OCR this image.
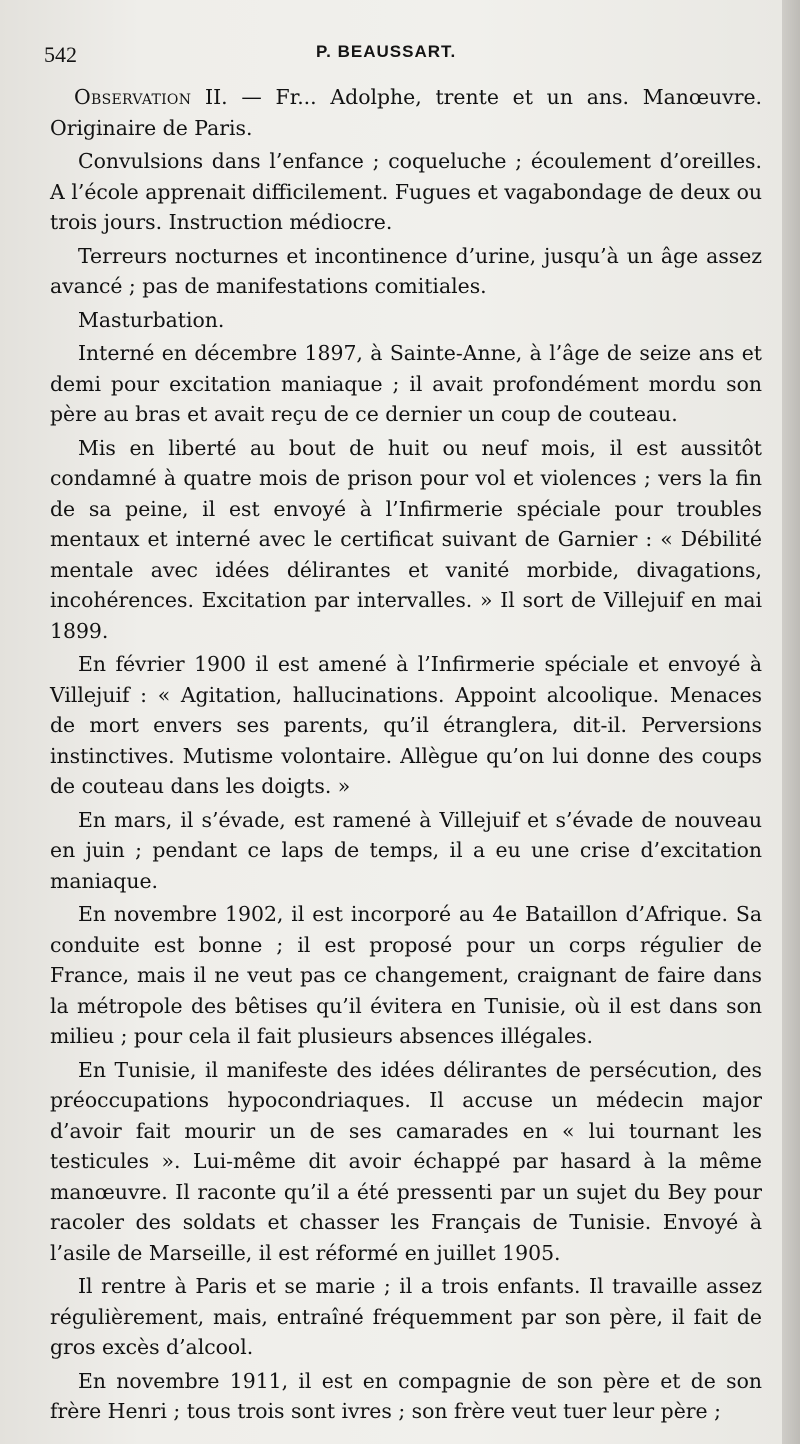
542	P. BEAUSSART.

Observation II. — Fr... Adolphe, trente et un ans. Manœuvre. Originaire de Paris.

Convulsions dans l’enfance ; coqueluche ; écoulement d’oreilles. A l’école apprenait difficilement. Fugues et vagabondage de deux ou trois jours. Instruction médiocre.

Terreurs nocturnes et incontinence d’urine, jusqu’à un âge assez avancé ; pas de manifestations comitiales.

Masturbation.

Interné en décembre 1897, à Sainte-Anne, à l’âge de seize ans et demi pour excitation maniaque ; il avait profondément mordu son père au bras et avait reçu de ce dernier un coup de couteau.

Mis en liberté au bout de huit ou neuf mois, il est aussitôt condamné à quatre mois de prison pour vol et violences ; vers la fin de sa peine, il est envoyé à l’Infirmerie spéciale pour troubles mentaux et interné avec le certificat suivant de Garnier : « Débilité mentale avec idées délirantes et vanité morbide, divagations, incohérences. Excitation par intervalles. » Il sort de Villejuif en mai 1899.

En février 1900 il est amené à l’Infirmerie spéciale et envoyé à Villejuif : « Agitation, hallucinations. Appoint alcoolique. Menaces de mort envers ses parents, qu’il étranglera, dit-il. Perversions instinctives. Mutisme volontaire. Allègue qu’on lui donne des coups de couteau dans les doigts. »

En mars, il s’évade, est ramené à Villejuif et s’évade de nouveau en juin ; pendant ce laps de temps, il a eu une crise d’excitation maniaque.

En novembre 1902, il est incorporé au 4e Bataillon d’Afrique. Sa conduite est bonne ; il est proposé pour un corps régulier de France, mais il ne veut pas ce changement, craignant de faire dans la métropole des bêtises qu’il évitera en Tunisie, où il est dans son milieu ; pour cela il fait plusieurs absences illégales.

En Tunisie, il manifeste des idées délirantes de persécution, des préoccupations hypocondriaques. Il accuse un médecin major d’avoir fait mourir un de ses camarades en « lui tournant les testicules ». Lui-même dit avoir échappé par hasard à la même manœuvre. Il raconte qu’il a été pressenti par un sujet du Bey pour racoler des soldats et chasser les Français de Tunisie. Envoyé à l’asile de Marseille, il est réformé en juillet 1905.

Il rentre à Paris et se marie ; il a trois enfants. Il travaille assez régulièrement, mais, entraîné fréquemment par son père, il fait de gros excès d’alcool.

En novembre 1911, il est en compagnie de son père et de son frère Henri ; tous trois sont ivres ; son frère veut tuer leur père ;
